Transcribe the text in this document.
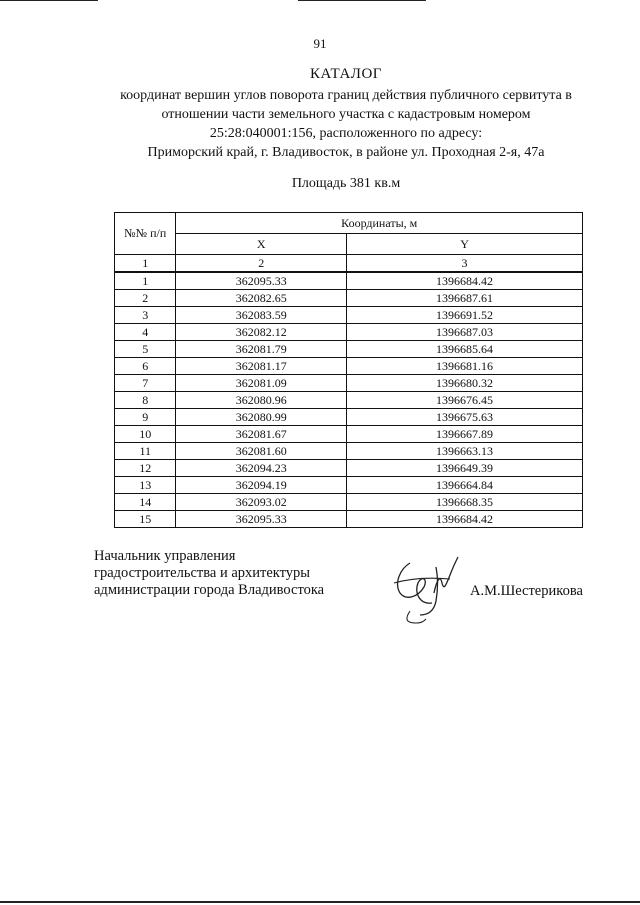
91
КАТАЛОГ
координат вершин углов поворота границ действия публичного сервитута в
отношении части земельного участка с кадастровым номером
25:28:040001:156, расположенного по адресу:
Приморский край, г. Владивосток, в районе ул. Проходная 2-я, 47а
Площадь 381 кв.м
№№ п/п	Координаты, м	
	X	Y
1	2	3
1	362095.33	1396684.42
2	362082.65	1396687.61
3	362083.59	1396691.52
4	362082.12	1396687.03
5	362081.79	1396685.64
6	362081.17	1396681.16
7	362081.09	1396680.32
8	362080.96	1396676.45
9	362080.99	1396675.63
10	362081.67	1396667.89
11	362081.60	1396663.13
12	362094.23	1396649.39
13	362094.19	1396664.84
14	362093.02	1396668.35
15	362095.33	1396684.42
Начальник управления
градостроительства и архитектуры
администрации города Владивостока	А.М.Шестерикова
